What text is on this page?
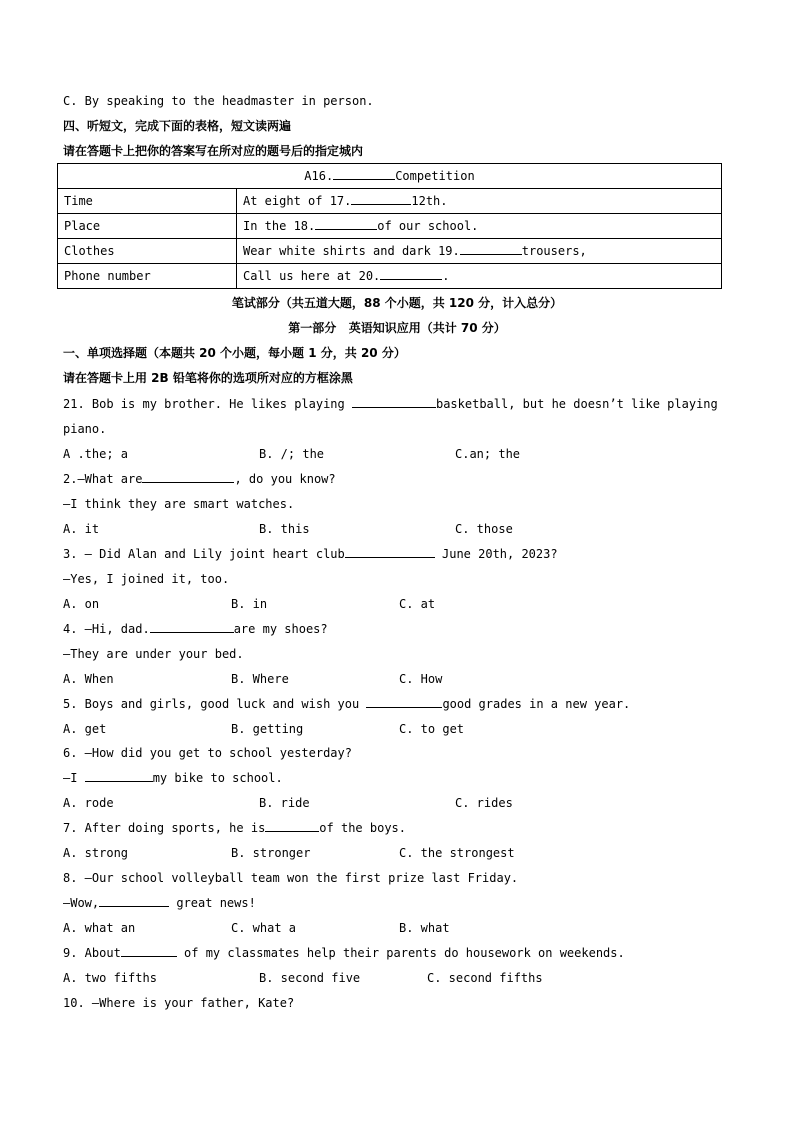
C. By speaking to the headmaster in person.
四、听短文，完成下面的表格，短文读两遍
请在答题卡上把你的答案写在所对应的题号后的指定城内
A16. Competition	
Time	At eight of 17. 12th.
Place	In the 18. of our school.
Clothes	Wear white shirts and dark 19. trousers,
Phone number	Call us here at 20. .
笔试部分（共五道大题，88 个小题，共 120 分，计入总分）
第一部分   英语知识应用（共计 70 分）
一、单项选择题（本题共 20 个小题，每小题 1 分，共 20 分）
请在答题卡上用 2B 铅笔将你的选项所对应的方框涂黑
21. Bob is my brother. He likes playing	basketball, but he doesn’t like playing
piano.
A .the; a	B. /; the	C.an; the
2.—What are	, do you know?
—I think they are smart watches.
A. it	B. this	C. those
3. — Did Alan and Lily joint heart club	June 20th, 2023?
—Yes, I joined it, too.
A. on	B. in	C. at
4. —Hi, dad.	are my shoes?
—They are under your bed.
A. When	B. Where	C. How
5. Boys and girls, good luck and wish you	good grades in a new year.
A. get	B. getting	C. to get
6. —How did you get to school yesterday?
—I	my bike to school.
A. rode	B. ride	C. rides
7. After doing sports, he is	of the boys.
A. strong	B. stronger	C. the strongest
8. —Our school volleyball team won the first prize last Friday.
—Wow,	great news!
A. what an	C. what a	B. what
9. About	of my classmates help their parents do housework on weekends.
A. two fifths	B. second five	C. second fifths
10. —Where is your father, Kate?
